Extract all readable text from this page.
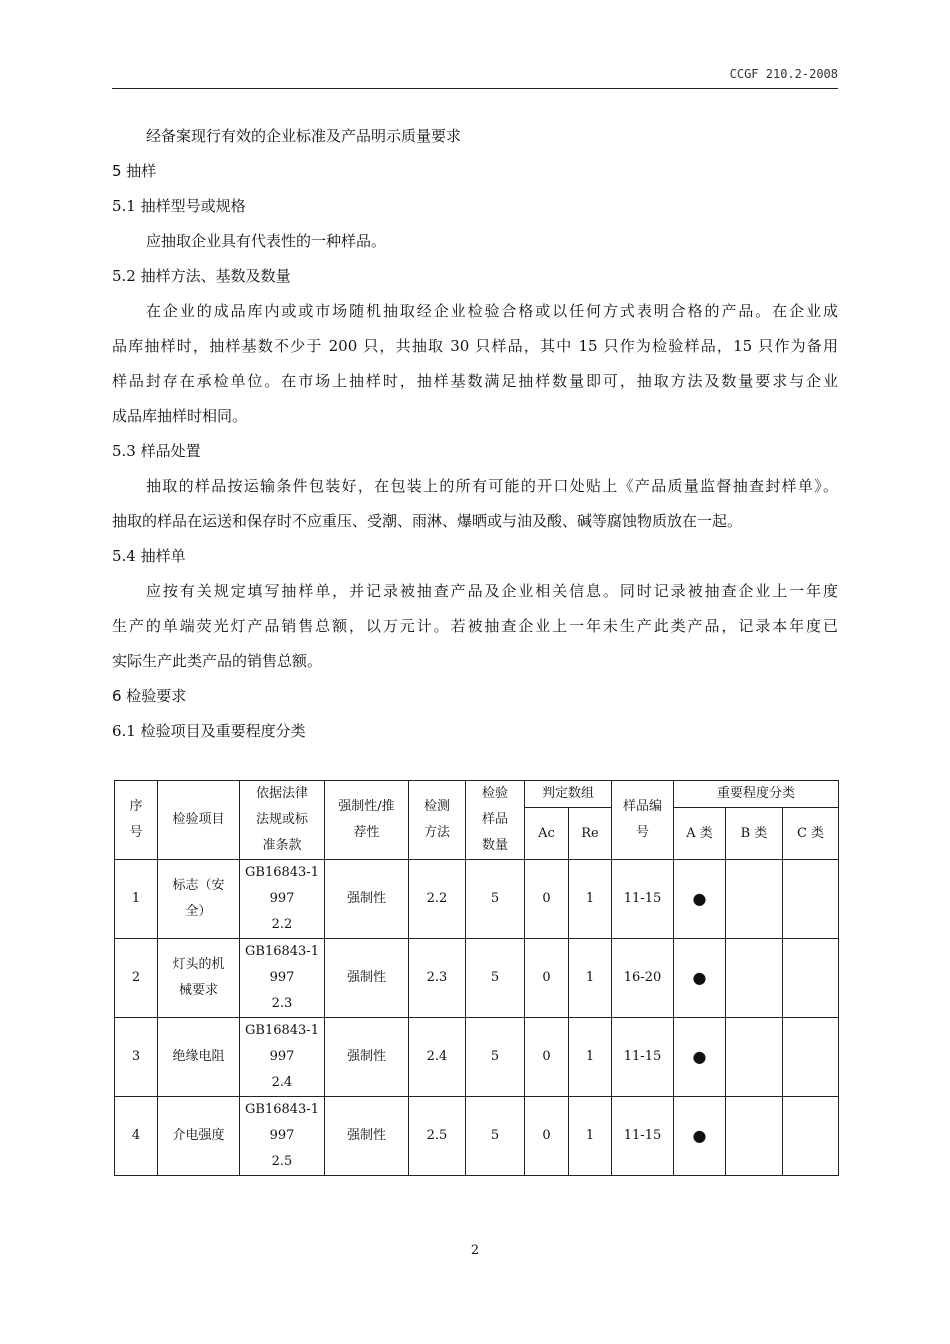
CCGF 210.2-2008
经备案现行有效的企业标准及产品明示质量要求
5 抽样
5.1 抽样型号或规格
应抽取企业具有代表性的一种样品。
5.2 抽样方法、基数及数量
在企业的成品库内或或市场随机抽取经企业检验合格或以任何方式表明合格的产品。在企业成
品库抽样时，抽样基数不少于 200 只，共抽取 30 只样品，其中 15 只作为检验样品，15 只作为备用
样品封存在承检单位。在市场上抽样时，抽样基数满足抽样数量即可，抽取方法及数量要求与企业
成品库抽样时相同。
5.3 样品处置
抽取的样品按运输条件包装好，在包装上的所有可能的开口处贴上《产品质量监督抽查封样单》。
抽取的样品在运送和保存时不应重压、受潮、雨淋、爆晒或与油及酸、碱等腐蚀物质放在一起。
5.4 抽样单
应按有关规定填写抽样单，并记录被抽查产品及企业相关信息。同时记录被抽查企业上一年度
生产的单端荧光灯产品销售总额，以万元计。若被抽查企业上一年未生产此类产品，记录本年度已
实际生产此类产品的销售总额。
6 检验要求
6.1 检验项目及重要程度分类
序
号	检验项目	依据法律
法规或标
准条款	强制性/推
荐性	检测
方法	检验
样品
数量	判定数组		样品编
号	重要程度分类		
						Ac	Re		A 类	B 类	C 类
1	标志（安
全）	GB16843-1
997
2.2	强制性	2.2	5	0	1	11-15	●		
2	灯头的机
械要求	GB16843-1
997
2.3	强制性	2.3	5	0	1	16-20	●		
3	绝缘电阻	GB16843-1
997
2.4	强制性	2.4	5	0	1	11-15	●		
4	介电强度	GB16843-1
997
2.5	强制性	2.5	5	0	1	11-15	●		
2
